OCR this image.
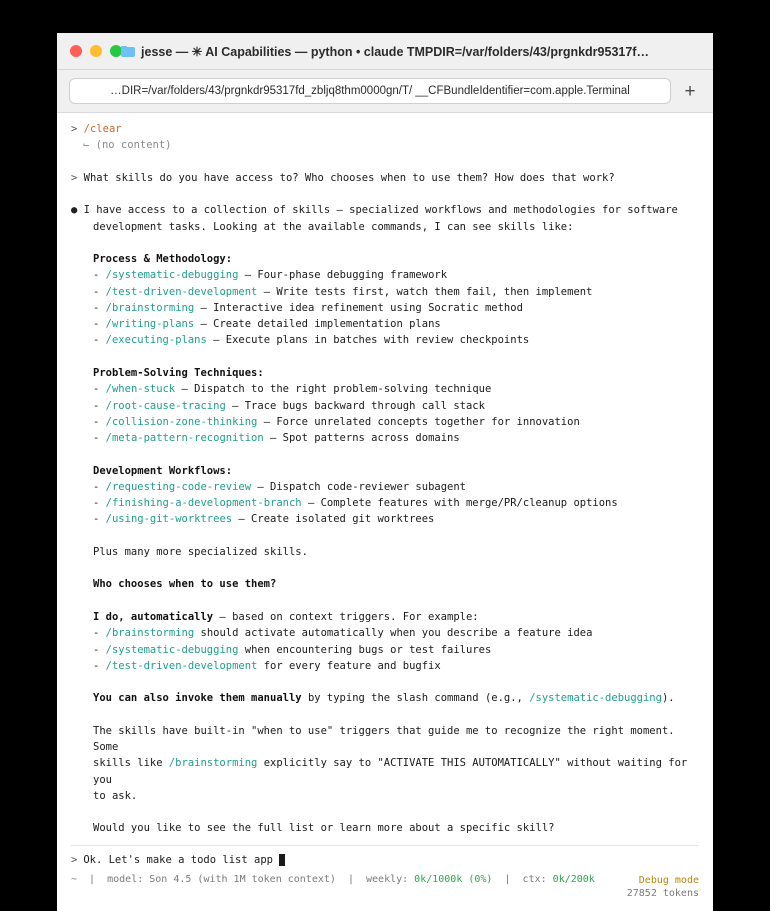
jesse — ✳ AI Capabilities — python • claude TMPDIR=/var/folders/43/prgnkdr95317f…
…DIR=/var/folders/43/prgnkdr95317fd_zbljq8thm0000gn/T/ __CFBundleIdentifier=com.apple.Terminal	+
> /clear
⌙ (no content)
> What skills do you have access to? Who chooses when to use them? How does that work?
● I have access to a collection of skills — specialized workflows and methodologies for software
development tasks. Looking at the available commands, I can see skills like:
Process & Methodology:
- /systematic-debugging — Four-phase debugging framework
- /test-driven-development — Write tests first, watch them fail, then implement
- /brainstorming — Interactive idea refinement using Socratic method
- /writing-plans — Create detailed implementation plans
- /executing-plans — Execute plans in batches with review checkpoints
Problem-Solving Techniques:
- /when-stuck — Dispatch to the right problem-solving technique
- /root-cause-tracing — Trace bugs backward through call stack
- /collision-zone-thinking — Force unrelated concepts together for innovation
- /meta-pattern-recognition — Spot patterns across domains
Development Workflows:
- /requesting-code-review — Dispatch code-reviewer subagent
- /finishing-a-development-branch — Complete features with merge/PR/cleanup options
- /using-git-worktrees — Create isolated git worktrees
Plus many more specialized skills.
Who chooses when to use them?
I do, automatically — based on context triggers. For example:
- /brainstorming should activate automatically when you describe a feature idea
- /systematic-debugging when encountering bugs or test failures
- /test-driven-development for every feature and bugfix
You can also invoke them manually by typing the slash command (e.g., /systematic-debugging).
The skills have built-in "when to use" triggers that guide me to recognize the right moment. Some
skills like /brainstorming explicitly say to "ACTIVATE THIS AUTOMATICALLY" without waiting for you
to ask.
Would you like to see the full list or learn more about a specific skill?
> Ok. Let's make a todo list app
~  |  model: Son 4.5 (with 1M token context)  |  weekly: 0k/1000k (0%)  |  ctx: 0k/200k	Debug mode
27852 tokens
